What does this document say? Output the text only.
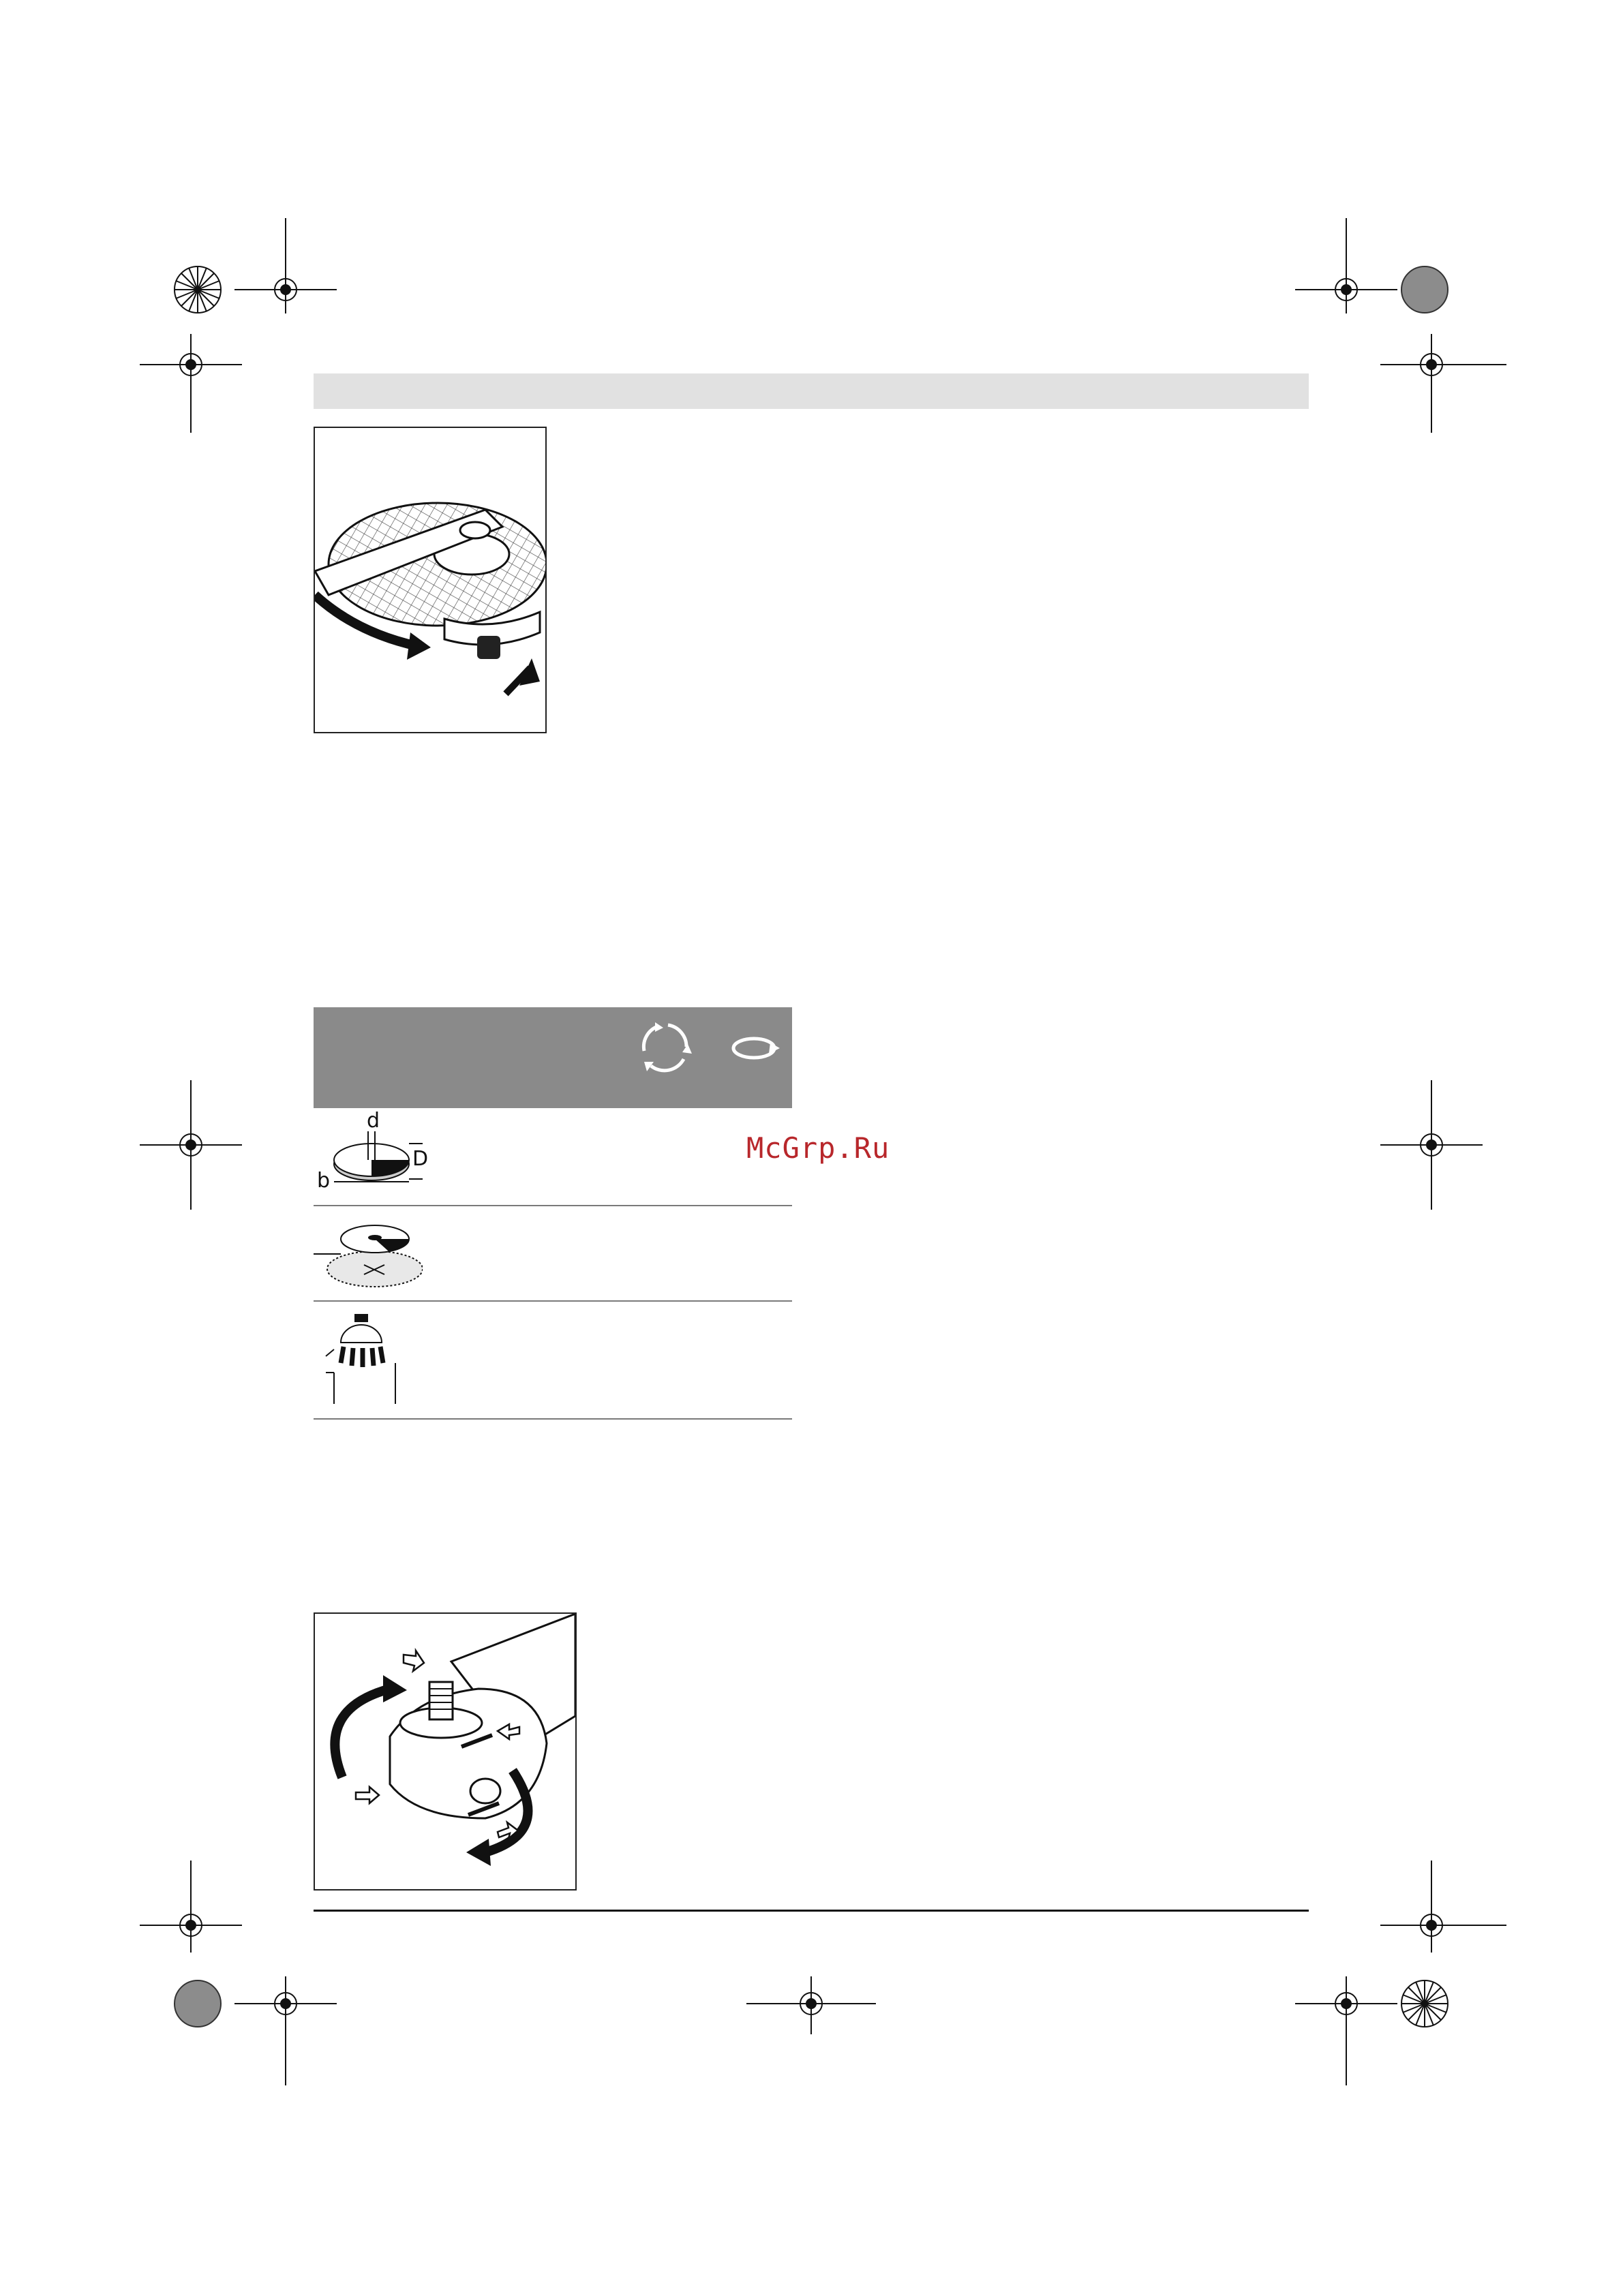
d
D
b
McGrp.Ru
